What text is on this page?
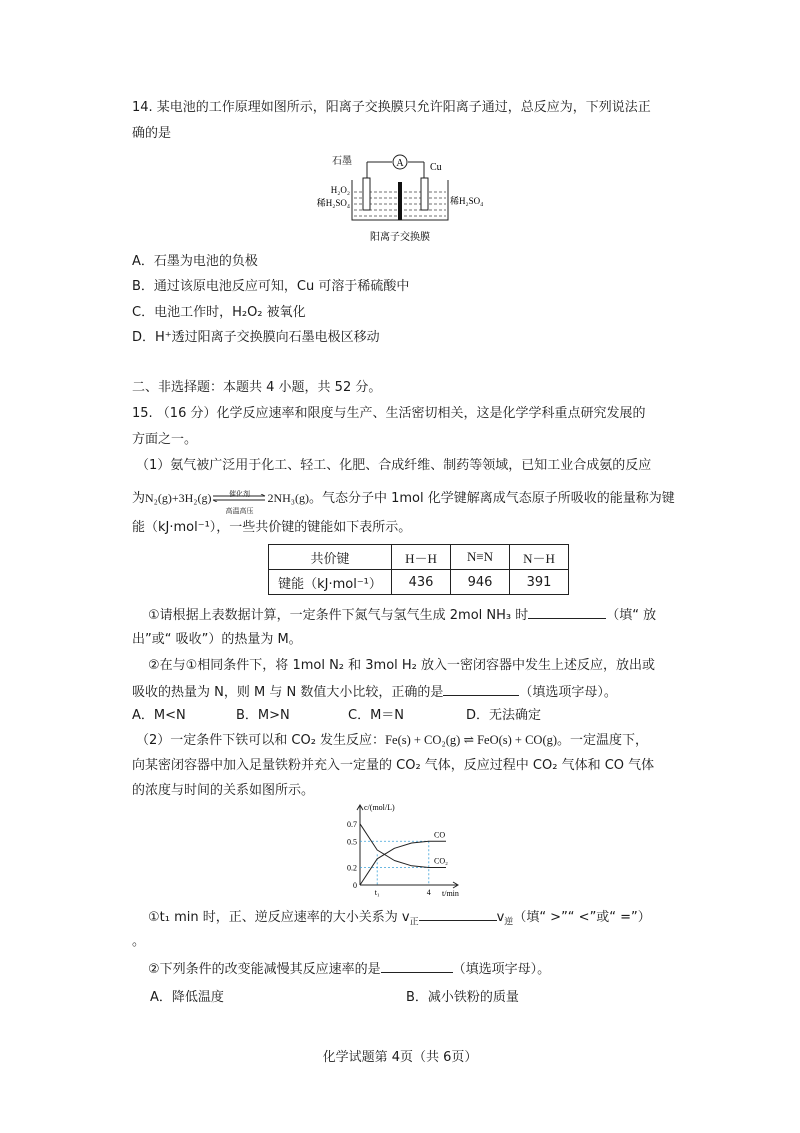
14. 某电池的工作原理如图所示，阳离子交换膜只允许阳离子通过，总反应为，下列说法正
确的是
A
石墨
Cu
H₂O₂
稀H₂SO₄	稀H₂SO₄
阳离子交换膜
A．石墨为电池的负极
B．通过该原电池反应可知，Cu 可溶于稀硫酸中
C．电池工作时，H₂O₂ 被氧化
D．H⁺透过阳离子交换膜向石墨电极区移动
二、非选择题：本题共 4 小题，共 52 分。
15. （16 分）化学反应速率和限度与生产、生活密切相关，这是化学学科重点研究发展的
方面之一。
（1）氨气被广泛用于化工、轻工、化肥、合成纤维、制药等领域，已知工业合成氨的反应
为N₂(g)+3H₂(g)	催化剂
高温高压
2NH₃(g)。气态分子中 1mol 化学键解离成气态原子所吸收的能量称为键
能（kJ·mol⁻¹），一些共价键的键能如下表所示。
共价键	H－H	N≡N	N－H
键能（kJ·mol⁻¹）	436	946	391
①请根据上表数据计算，一定条件下氮气与氢气生成 2mol NH₃ 时	（填“ 放
出”或“ 吸收”）的热量为 M。
②在与①相同条件下，将 1mol N₂ 和 3mol H₂ 放入一密闭容器中发生上述反应，放出或
吸收的热量为 N，则 M 与 N 数值大小比较，正确的是	（填选项字母）。
A．M<N	B．M>N	C．M＝N	D．无法确定
（2）一定条件下铁可以和 CO₂ 发生反应：Fe(s) + CO₂(g) ⇌ FeO(s) + CO(g)。一定温度下，
向某密闭容器中加入足量铁粉并充入一定量的 CO₂ 气体，反应过程中 CO₂ 气体和 CO 气体
的浓度与时间的关系如图所示。
c/(mol/L)
t/min
0.7
0.5
0.2
0
t₁	4
CO
CO₂
①t₁ min 时，正、逆反应速率的大小关系为 $v_正$	$v_逆$（填“ >”“ <”或“ =”）
。
②下列条件的改变能减慢其反应速率的是	（填选项字母）。
A．降低温度	B．减小铁粉的质量
化学试题第 4页（共 6页）
